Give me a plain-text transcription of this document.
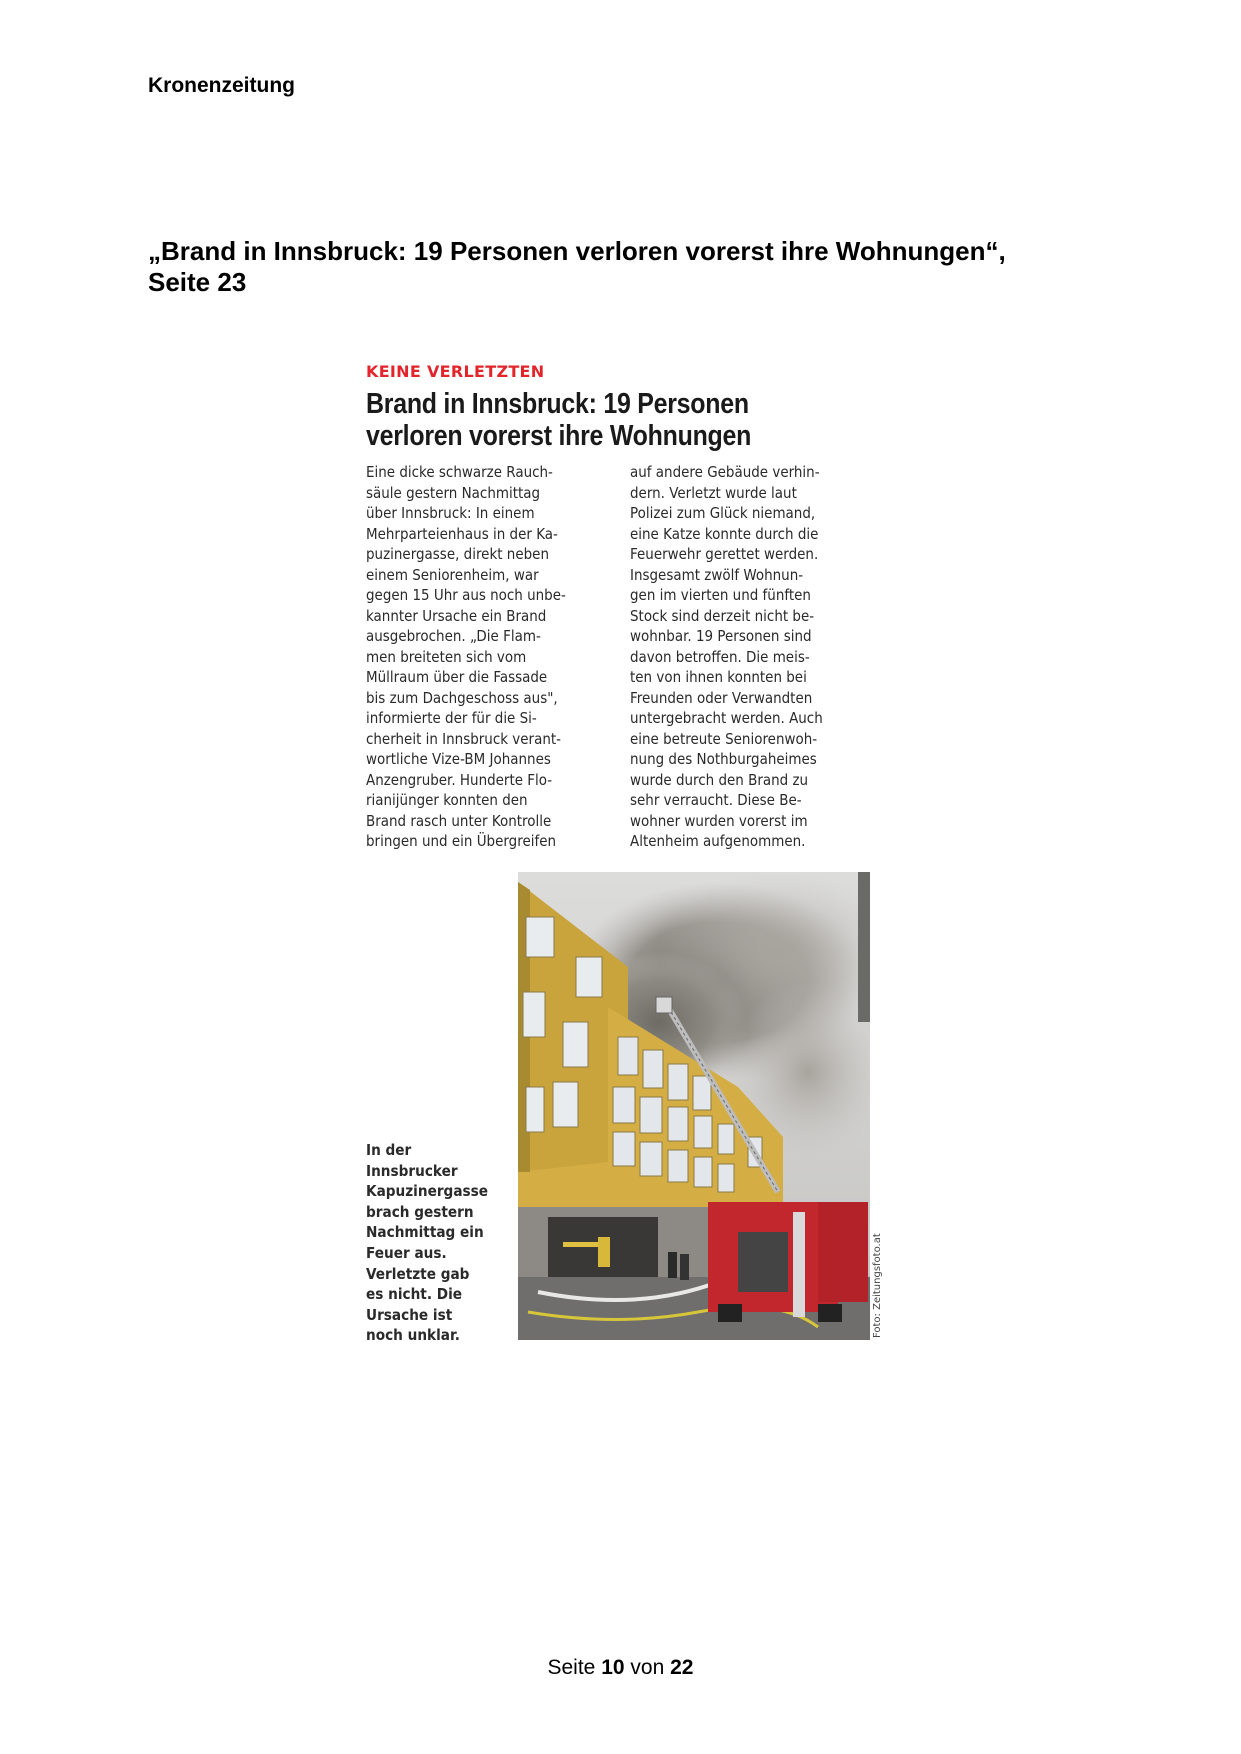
Kronenzeitung
„Brand in Innsbruck: 19 Personen verloren vorerst ihre Wohnungen“,
Seite 23
KEINE VERLETZTEN
Brand in Innsbruck: 19 Personen
verloren vorerst ihre Wohnungen
Eine dicke schwarze Rauch-
säule gestern Nachmittag
über Innsbruck: In einem
Mehrparteienhaus in der Ka-
puzinergasse, direkt neben
einem Seniorenheim, war
gegen 15 Uhr aus noch unbe-
kannter Ursache ein Brand
ausgebrochen. „Die Flam-
men breiteten sich vom
Müllraum über die Fassade
bis zum Dachgeschoss aus",
informierte der für die Si-
cherheit in Innsbruck verant-
wortliche Vize-BM Johannes
Anzengruber. Hunderte Flo-
rianijünger konnten den
Brand rasch unter Kontrolle
bringen und ein Übergreifen
auf andere Gebäude verhin-
dern. Verletzt wurde laut
Polizei zum Glück niemand,
eine Katze konnte durch die
Feuerwehr gerettet werden.
Insgesamt zwölf Wohnun-
gen im vierten und fünften
Stock sind derzeit nicht be-
wohnbar. 19 Personen sind
davon betroffen. Die meis-
ten von ihnen konnten bei
Freunden oder Verwandten
untergebracht werden. Auch
eine betreute Seniorenwoh-
nung des Nothburgaheimes
wurde durch den Brand zu
sehr verraucht. Diese Be-
wohner wurden vorerst im
Altenheim aufgenommen.
In der
Innsbrucker
Kapuzinergasse
brach gestern
Nachmittag ein
Feuer aus.
Verletzte gab
es nicht. Die
Ursache ist
noch unklar.	Foto: Zeitungsfoto.at
Seite 10 von 22
